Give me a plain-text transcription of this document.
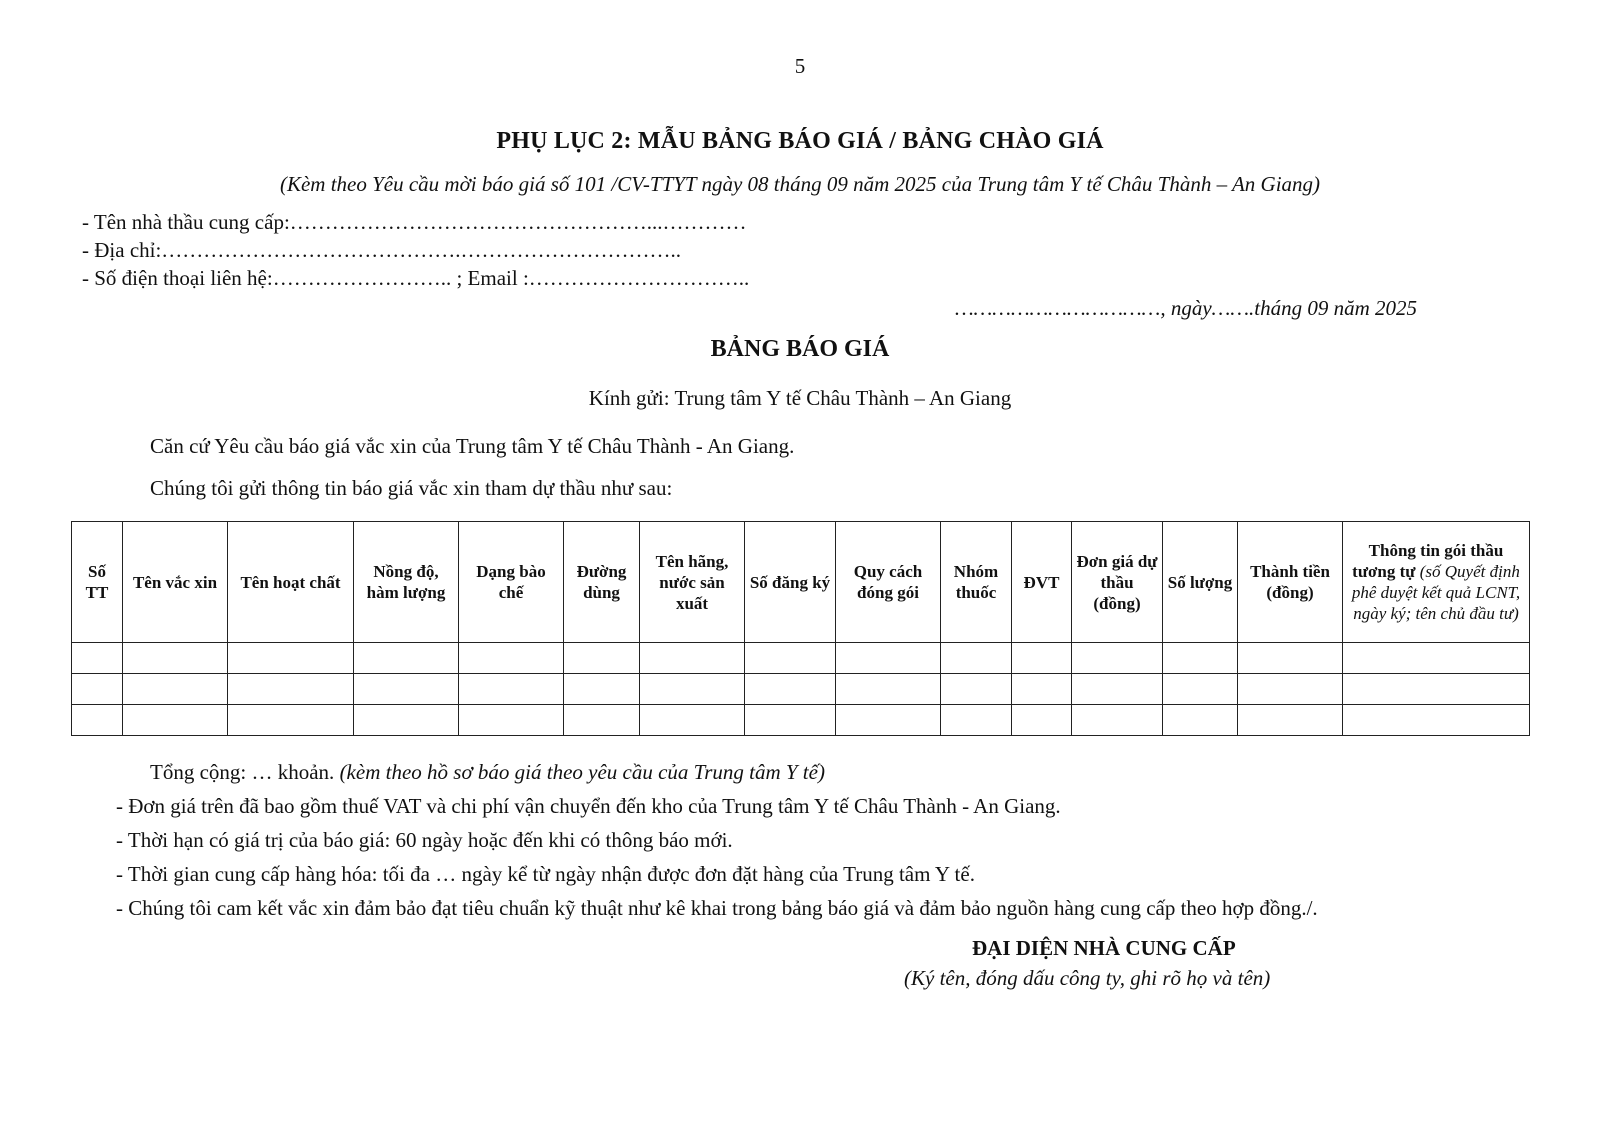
5
PHỤ LỤC 2: MẪU BẢNG BÁO GIÁ / BẢNG CHÀO GIÁ
(Kèm theo Yêu cầu mời báo giá số 101 /CV-TTYT ngày 08 tháng 09 năm 2025 của Trung tâm Y tế Châu Thành – An Giang)
- Tên nhà thầu cung cấp:……………………………………………...…………
- Địa chỉ:…………………………………….…………………………..
- Số điện thoại liên hệ:…………………….. ; Email :…………………………..
……………………………, ngày…….tháng 09 năm 2025
BẢNG BÁO GIÁ
Kính gửi: Trung tâm Y tế Châu Thành – An Giang
Căn cứ Yêu cầu báo giá vắc xin của Trung tâm Y tế Châu Thành - An Giang.
Chúng tôi gửi thông tin báo giá vắc xin tham dự thầu như sau:
Số TT	Tên vắc xin	Tên hoạt chất	Nồng độ, hàm lượng	Dạng bào chế	Đường dùng	Tên hãng, nước sản xuất	Số đăng ký	Quy cách đóng gói	Nhóm thuốc	ĐVT	Đơn giá dự thầu (đồng)	Số lượng	Thành tiền (đồng)	Thông tin gói thầu tương tự (số Quyết định phê duyệt kết quả LCNT, ngày ký; tên chủ đầu tư)

Tổng cộng: … khoản. (kèm theo hồ sơ báo giá theo yêu cầu của Trung tâm Y tế)
- Đơn giá trên đã bao gồm thuế VAT và chi phí vận chuyển đến kho của Trung tâm Y tế Châu Thành - An Giang.
- Thời hạn có giá trị của báo giá: 60 ngày hoặc đến khi có thông báo mới.
- Thời gian cung cấp hàng hóa: tối đa … ngày kể từ ngày nhận được đơn đặt hàng của Trung tâm Y tế.
- Chúng tôi cam kết vắc xin đảm bảo đạt tiêu chuẩn kỹ thuật như kê khai trong bảng báo giá và đảm bảo nguồn hàng cung cấp theo hợp đồng./.
ĐẠI DIỆN NHÀ CUNG CẤP
(Ký tên, đóng dấu công ty, ghi rõ họ và tên)
